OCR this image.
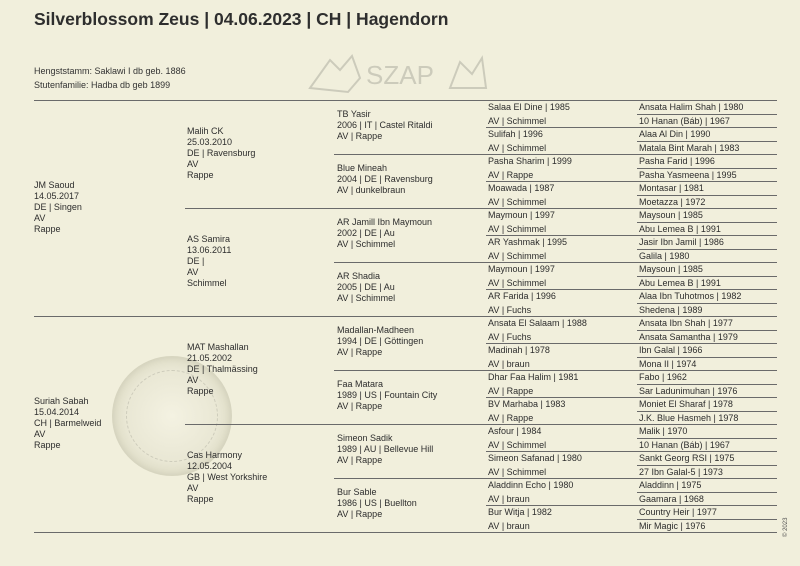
Silverblossom Zeus | 04.06.2023 | CH | Hagendorn
Hengststamm: Saklawi I db geb. 1886
Stutenfamilie: Hadba db geb 1899	SZAP
JM Saoud
14.05.2017
DE | Singen
AV
Rappe
Suriah Sabah
15.04.2014
CH | Barmelweid
AV
Rappe
Malih CK
25.03.2010
DE | Ravensburg
AV
Rappe
AS Samira
13.06.2011
DE |
AV
Schimmel
MAT Mashallan
21.05.2002
DE | Thalmässing
AV
Rappe
Cas Harmony
12.05.2004
GB | West Yorkshire
AV
Rappe
TB Yasir
2006 | IT | Castel Ritaldi
AV | Rappe
Blue Mineah
2004 | DE | Ravensburg
AV | dunkelbraun
AR Jamill Ibn Maymoun
2002 | DE | Au
AV | Schimmel
AR Shadia
2005 | DE | Au
AV | Schimmel
Madallan-Madheen
1994 | DE | Göttingen
AV | Rappe
Faa Matara
1989 | US | Fountain City
AV | Rappe
Simeon Sadik
1989 | AU | Bellevue Hill
AV | Rappe
Bur Sable
1986 | US | Buellton
AV | Rappe
Salaa El Dine | 1985
AV | Schimmel
Sulifah | 1996
AV | Schimmel
Pasha Sharim | 1999
AV | Rappe
Moawada | 1987
AV | Schimmel
Maymoun | 1997
AV | Schimmel
AR Yashmak | 1995
AV | Schimmel
Maymoun | 1997
AV | Schimmel
AR Farida | 1996
AV | Fuchs
Ansata El Salaam | 1988
AV | Fuchs
Madinah | 1978
AV | braun
Dhar Faa Halim | 1981
AV | Rappe
BV Marhaba | 1983
AV | Rappe
Asfour | 1984
AV | Schimmel
Simeon Safanad | 1980
AV | Schimmel
Aladdinn Echo | 1980
AV | braun
Bur Witja | 1982
AV | braun
Ansata Halim Shah | 1980
10 Hanan (Báb) | 1967
Alaa Al Din | 1990
Matala Bint Marah | 1983
Pasha Farid | 1996
Pasha Yasmeena | 1995
Montasar | 1981
Moetazza | 1972
Maysoun | 1985
Abu Lemea B | 1991
Jasir Ibn Jamil | 1986
Galila | 1980
Maysoun | 1985
Abu Lemea B | 1991
Alaa Ibn Tuhotmos | 1982
Shedena | 1989
Ansata Ibn Shah | 1977
Ansata Samantha | 1979
Ibn Galal | 1966
Mona II | 1974
Fabo | 1962
Sar Ladunimuhan | 1976
Moniet El Sharaf | 1978
J.K. Blue Hasmeh | 1978
Malik | 1970
10 Hanan (Báb) | 1967
Sankt Georg RSI | 1975
27 Ibn Galal-5 | 1973
Aladdinn | 1975
Gaamara | 1968
Country Heir | 1977
Mir Magic | 1976	© 2023
